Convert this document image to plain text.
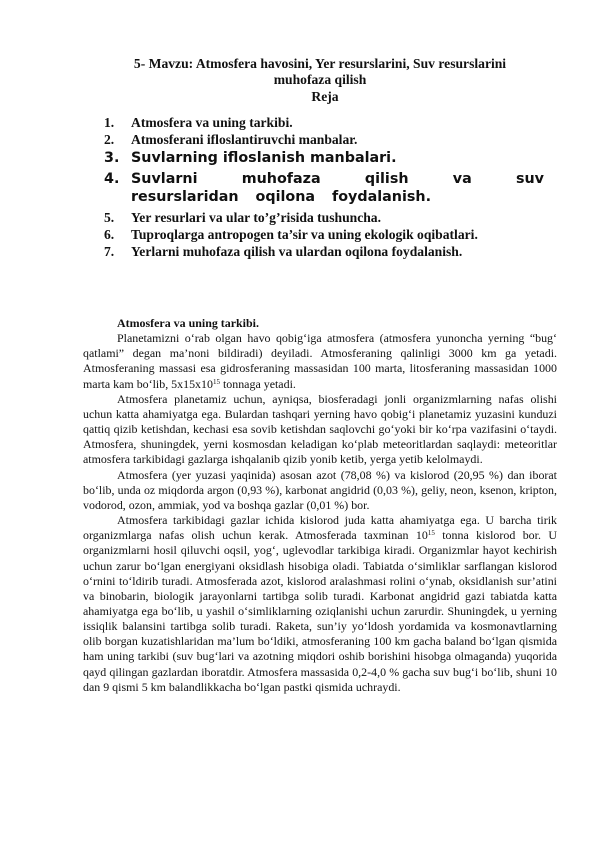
5- Mavzu: Atmosfera havosini, Yer resurslarini, Suv resurslarini muhofaza qilish
Reja
1.	Atmosfera va uning tarkibi.
2.	Atmosferani ifloslantiruvchi manbalar.
3. Suvlarning ifloslanish manbalari.
4. Suvlarni muhofaza qilish va suv resurslaridan oqilona foydalanish.
5.	Yer resurlari va ular to’g’risida tushuncha.
6.	Tuproqlarga antropogen ta’sir va uning ekologik oqibatlari.
7.	Yerlarni muhofaza qilish va ulardan oqilona foydalanish.

Atmosfera va uning tarkibi.

Planetamizni o‘rab olgan havo qobig‘iga atmosfera (atmosfera yunoncha yerning “bug‘ qatlami” degan ma’noni bildiradi) deyiladi. Atmosferaning qalinligi 3000 km ga yetadi. Atmosferaning massasi esa gidrosferaning massasidan 100 marta, litosferaning massasidan 1000 marta kam bo‘lib, $5x15x10^{15}$ tonnaga yetadi.

Atmosfera planetamiz uchun, ayniqsa, biosferadagi jonli organizmlarning nafas olishi uchun katta ahamiyatga ega. Bulardan tashqari yerning havo qobig‘i planetamiz yuzasini kunduzi qattiq qizib ketishdan, kechasi esa sovib ketishdan saqlovchi go‘yoki bir ko‘rpa vazifasini o‘taydi. Atmosfera, shuningdek, yerni kosmosdan keladigan ko‘plab meteoritlardan saqlaydi: meteoritlar atmosfera tarkibidagi gazlarga ishqalanib qizib yonib ketib, yerga yetib kelolmaydi.

Atmosfera (yer yuzasi yaqinida) asosan azot (78,08 %) va kislorod (20,95 %) dan iborat bo‘lib, unda oz miqdorda argon (0,93 %), karbonat angidrid (0,03 %), geliy, neon, ksenon, kripton, vodorod, ozon, ammiak, yod va boshqa gazlar (0,01 %) bor.

Atmosfera tarkibidagi gazlar ichida kislorod juda katta ahamiyatga ega. U barcha tirik organizmlarga nafas olish uchun kerak. Atmosferada taxminan $10^{15}$ tonna kislorod bor. U organizmlarni hosil qiluvchi oqsil, yog‘, uglevodlar tarkibiga kiradi. Organizmlar hayot kechirish uchun zarur bo‘lgan energiyani oksidlash hisobiga oladi. Tabiatda o‘simliklar sarflangan kislorod o‘rnini to‘ldirib turadi. Atmosferada azot, kislorod aralashmasi rolini o‘ynab, oksidlanish sur’atini va binobarin, biologik jarayonlarni tartibga solib turadi. Karbonat angidrid gazi tabiatda katta ahamiyatga ega bo‘lib, u yashil o‘simliklarning oziqlanishi uchun zarurdir. Shuningdek, u yerning issiqlik balansini tartibga solib turadi. Raketa, sun’iy yo‘ldosh yordamida va kosmonavtlarning olib borgan kuzatishlaridan ma’lum bo‘ldiki, atmosferaning 100 km gacha baland bo‘lgan qismida ham uning tarkibi (suv bug‘lari va azotning miqdori oshib borishini hisobga olmaganda) yuqorida qayd qilingan gazlardan iboratdir. Atmosfera massasida 0,2-4,0 % gacha suv bug‘i bo‘lib, shuni 10 dan 9 qismi 5 km balandlikkacha bo‘lgan pastki qismida uchraydi.
